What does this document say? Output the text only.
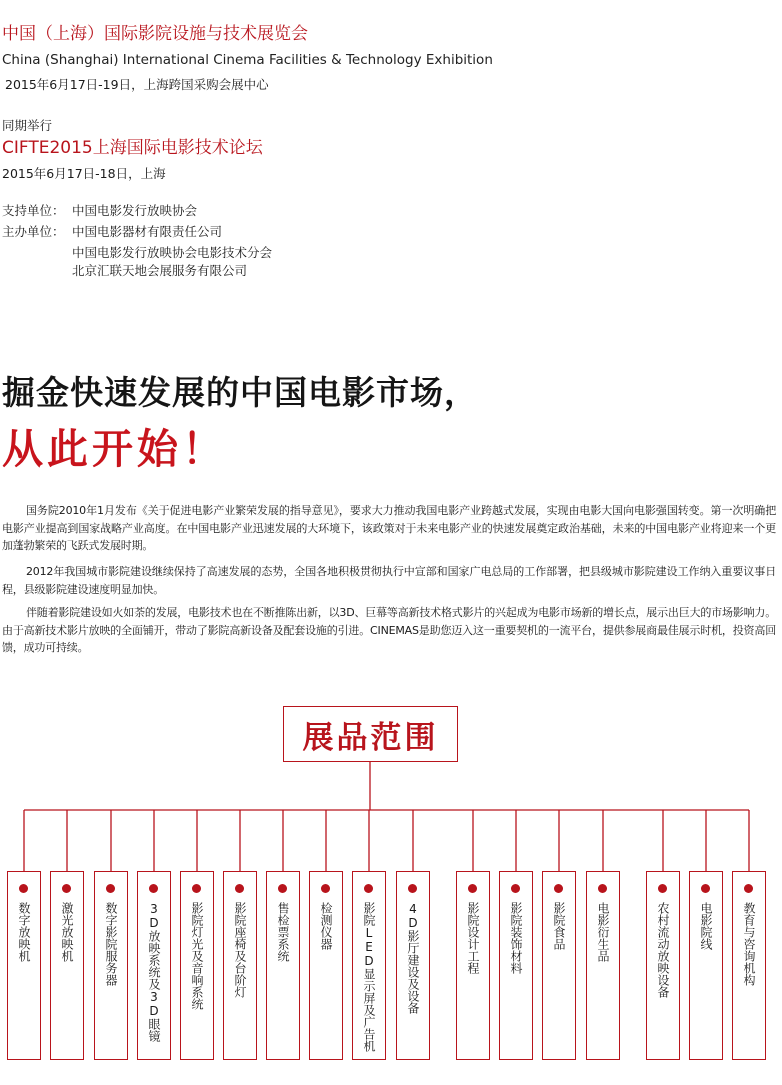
中国（上海）国际影院设施与技术展览会
China (Shanghai) International Cinema Facilities & Technology Exhibition
2015年6月17日-19日，上海跨国采购会展中心
同期举行
CIFTE2015上海国际电影技术论坛
2015年6月17日-18日，上海
支持单位： 中国电影发行放映协会
主办单位： 中国电影器材有限责任公司
中国电影发行放映协会电影技术分会
北京汇联天地会展服务有限公司
掘金快速发展的中国电影市场，
从此开始！

国务院2010年1月发布《关于促进电影产业繁荣发展的指导意见》，要求大力推动我国电影产业跨越式发展，实现由电影大国向电影强国转变。第一次明确把电影产业提高到国家战略产业高度。在中国电影产业迅速发展的大环境下，该政策对于未来电影产业的快速发展奠定政治基础，未来的中国电影产业将迎来一个更加蓬勃繁荣的飞跃式发展时期。

2012年我国城市影院建设继续保持了高速发展的态势，全国各地积极贯彻执行中宣部和国家广电总局的工作部署，把县级城市影院建设工作纳入重要议事日程，县级影院建设速度明显加快。

伴随着影院建设如火如荼的发展，电影技术也在不断推陈出新，以3D、巨幕等高新技术格式影片的兴起成为电影市场新的增长点，展示出巨大的市场影响力。由于高新技术影片放映的全面铺开，带动了影院高新设备及配套设施的引进。CINEMAS是助您迈入这一重要契机的一流平台，提供参展商最佳展示时机，投资高回馈，成功可持续。

展品范围
数字放映机	激光放映机	数字影院服务器	3D放映系统及3D眼镜	影院灯光及音响系统	影院座椅及台阶灯	售检票系统	检测仪器	影院LED显示屏及广告机	4D影厅建设及设备	影院设计工程	影院装饰材料	影院食品	电影衍生品	农村流动放映设备	电影院线	教育与咨询机构
